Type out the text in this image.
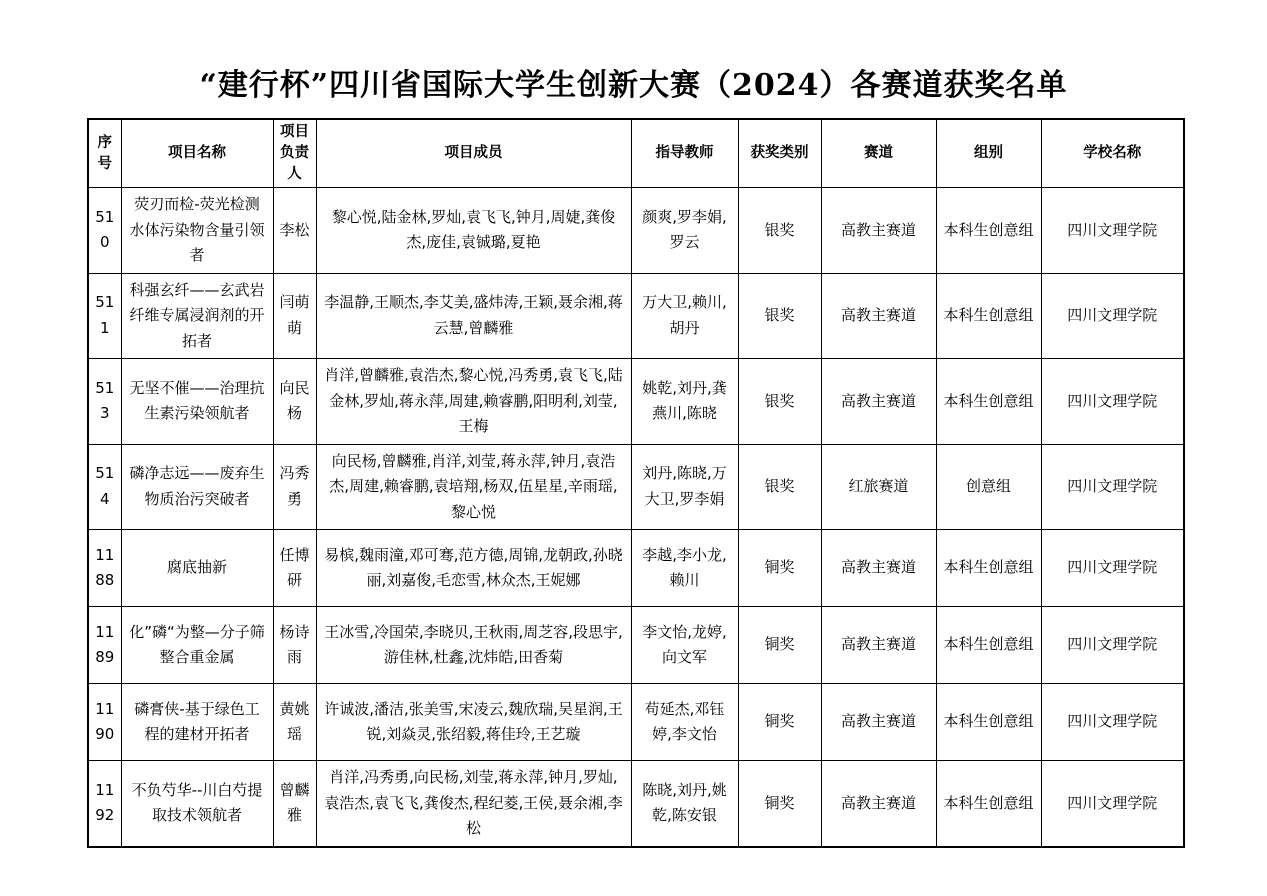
“建行杯”四川省国际大学生创新大赛（2024）各赛道获奖名单
序号	项目名称	项目负责人	项目成员	指导教师	获奖类别	赛道	组别	学校名称
510	荧刃而检-荧光检测水体污染物含量引领者	李松	黎心悦,陆金林,罗灿,袁飞飞,钟月,周婕,龚俊杰,庞佳,袁铖璐,夏艳	颜爽,罗李娟,罗云	银奖	高教主赛道	本科生创意组	四川文理学院
511	科强玄纤——玄武岩纤维专属浸润剂的开拓者	闫萌萌	李温静,王顺杰,李艾美,盛炜涛,王颖,聂余湘,蒋云慧,曾麟雅	万大卫,赖川,胡丹	银奖	高教主赛道	本科生创意组	四川文理学院
513	无坚不催——治理抗生素污染领航者	向民杨	肖洋,曾麟雅,袁浩杰,黎心悦,冯秀勇,袁飞飞,陆金林,罗灿,蒋永萍,周建,赖睿鹏,阳明利,刘莹,王梅	姚乾,刘丹,龚燕川,陈晓	银奖	高教主赛道	本科生创意组	四川文理学院
514	磷净志远——废弃生物质治污突破者	冯秀勇	向民杨,曾麟雅,肖洋,刘莹,蒋永萍,钟月,袁浩杰,周建,赖睿鹏,袁培翔,杨双,伍星星,辛雨瑶,黎心悦	刘丹,陈晓,万大卫,罗李娟	银奖	红旅赛道	创意组	四川文理学院
1188	腐底抽新	任博研	易槟,魏雨潼,邓可骞,范方德,周锦,龙朝政,孙晓丽,刘嘉俊,毛恋雪,林众杰,王妮娜	李越,李小龙,赖川	铜奖	高教主赛道	本科生创意组	四川文理学院
1189	化”磷“为整—分子筛整合重金属	杨诗雨	王冰雪,冷国荣,李晓贝,王秋雨,周芝容,段思宇,游佳林,杜鑫,沈炜皓,田香菊	李文怡,龙婷,向文军	铜奖	高教主赛道	本科生创意组	四川文理学院
1190	磷膏侠-基于绿色工程的建材开拓者	黄姚瑶	许诚波,潘洁,张美雪,宋凌云,魏欣瑞,吴星润,王锐,刘焱灵,张绍毅,蒋佳玲,王艺璇	苟延杰,邓钰婷,李文怡	铜奖	高教主赛道	本科生创意组	四川文理学院
1192	不负芍华--川白芍提取技术领航者	曾麟雅	肖洋,冯秀勇,向民杨,刘莹,蒋永萍,钟月,罗灿,袁浩杰,袁飞飞,龚俊杰,程纪菱,王侯,聂余湘,李松	陈晓,刘丹,姚乾,陈安银	铜奖	高教主赛道	本科生创意组	四川文理学院
